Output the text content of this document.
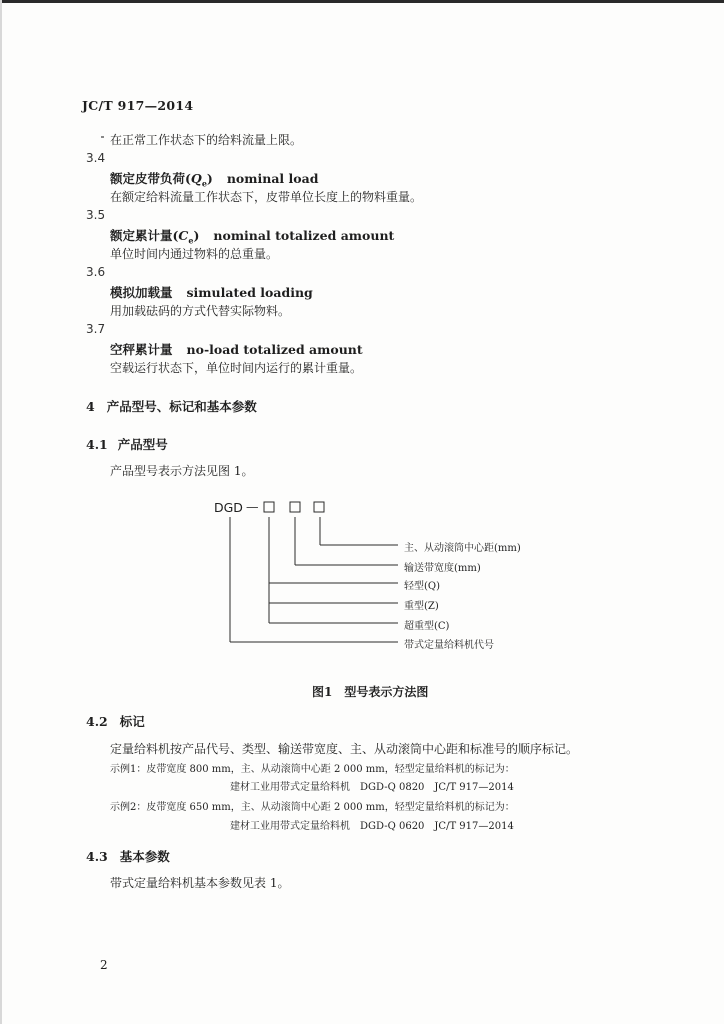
JC/T 917—2014
在正常工作状态下的给料流量上限。
3.4
额定皮带负荷$(Q_e)$ nominal load
在额定给料流量工作状态下，皮带单位长度上的物料重量。
3.5
额定累计量$(C_e)$ nominal totalized amount
单位时间内通过物料的总重量。
3.6
模拟加载量 simulated loading
用加载砝码的方式代替实际物料。
3.7
空秤累计量 no-load totalized amount
空载运行状态下，单位时间内运行的累计重量。
4 产品型号、标记和基本参数
4.1 产品型号
产品型号表示方法见图 1。
DGD —
主、从动滚筒中心距(mm)
输送带宽度(mm)
轻型(Q)
重型(Z)
超重型(C)
带式定量给料机代号
图1　型号表示方法图
4.2 标记
定量给料机按产品代号、类型、输送带宽度、主、从动滚筒中心距和标准号的顺序标记。
示例1：皮带宽度 800 mm，主、从动滚筒中心距 2 000 mm，轻型定量给料机的标记为：
建材工业用带式定量给料机　DGD-Q 0820　JC/T 917—2014
示例2：皮带宽度 650 mm，主、从动滚筒中心距 2 000 mm，轻型定量给料机的标记为：
建材工业用带式定量给料机　DGD-Q 0620　JC/T 917—2014
4.3 基本参数
带式定量给料机基本参数见表 1。
2
